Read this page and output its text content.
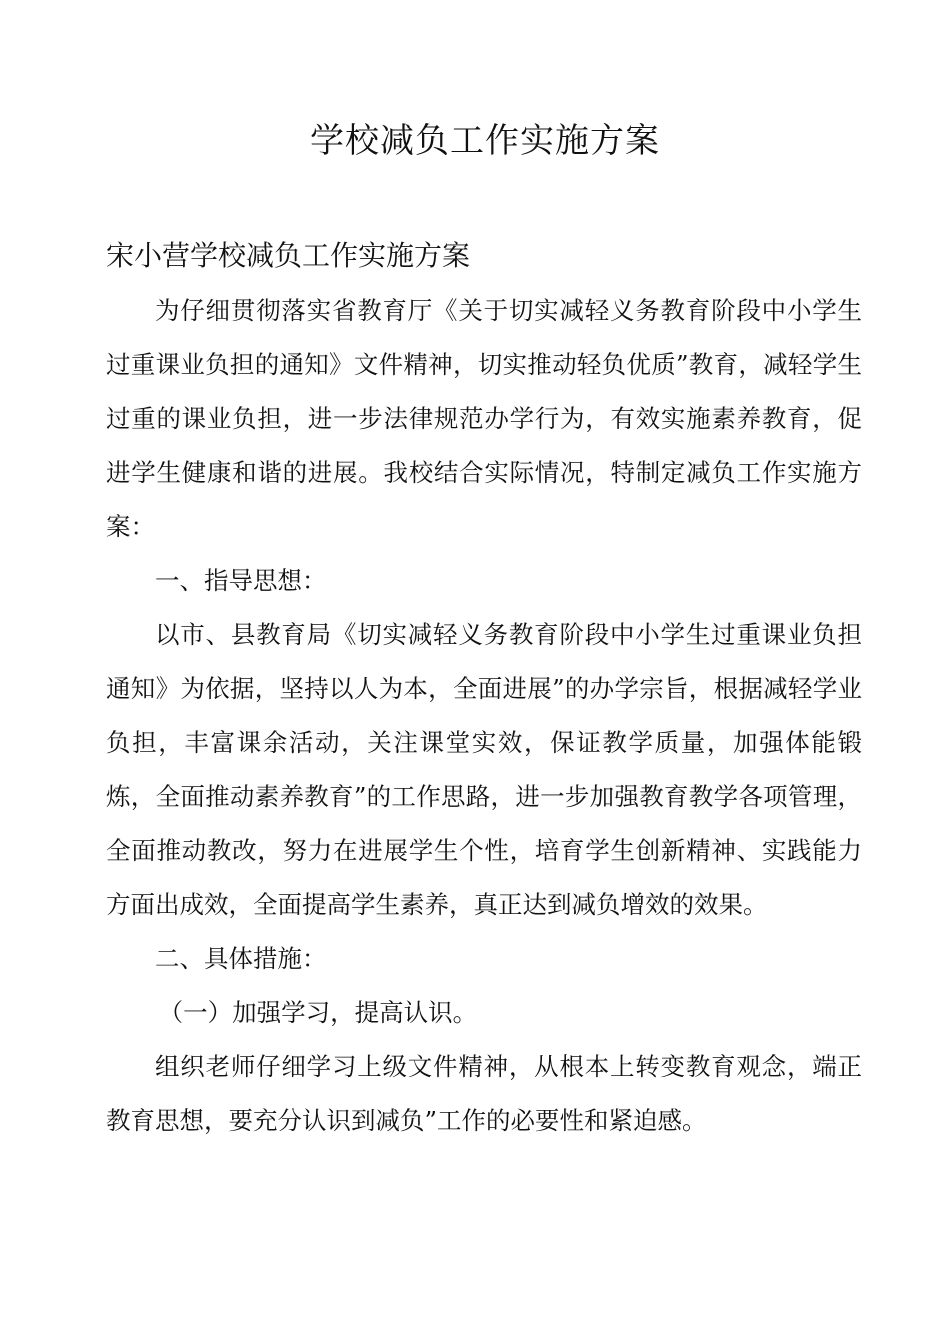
学校减负工作实施方案
宋小营学校减负工作实施方案

为仔细贯彻落实省教育厅《关于切实减轻义务教育阶段中小学生过重课业负担的通知》文件精神，切实推动轻负优质”教育，减轻学生过重的课业负担，进一步法律规范办学行为，有效实施素养教育，促进学生健康和谐的进展。我校结合实际情况，特制定减负工作实施方案：

一、指导思想：

以市、县教育局《切实减轻义务教育阶段中小学生过重课业负担通知》为依据，坚持以人为本，全面进展”的办学宗旨，根据减轻学业负担，丰富课余活动，关注课堂实效，保证教学质量，加强体能锻炼，全面推动素养教育”的工作思路，进一步加强教育教学各项管理，全面推动教改，努力在进展学生个性，培育学生创新精神、实践能力方面出成效，全面提高学生素养，真正达到减负增效的效果。

二、具体措施：

（一）加强学习，提高认识。

组织老师仔细学习上级文件精神，从根本上转变教育观念，端正教育思想，要充分认识到减负”工作的必要性和紧迫感。
